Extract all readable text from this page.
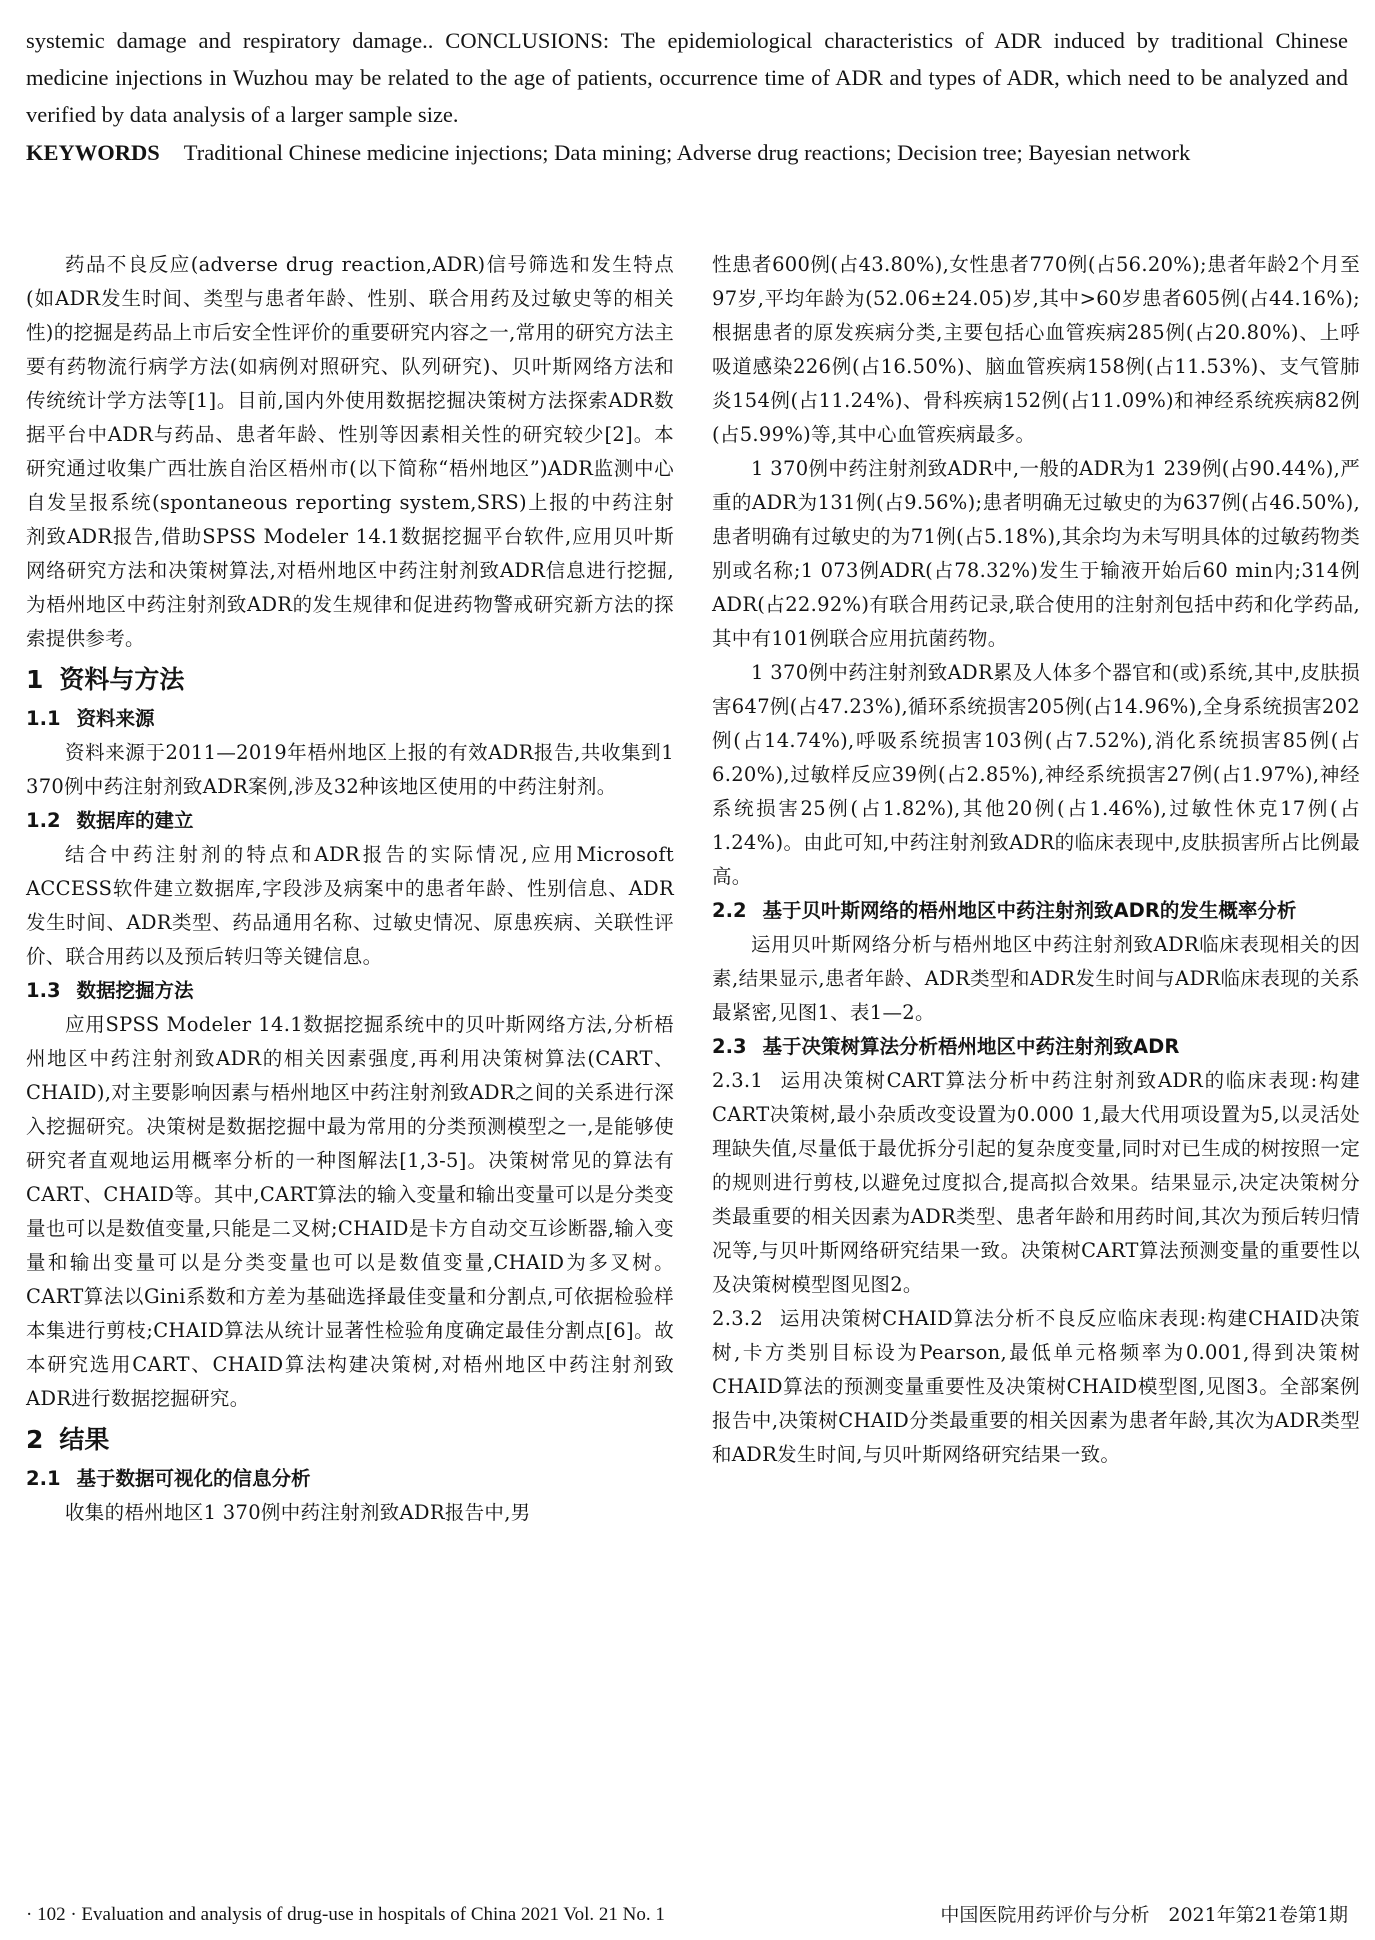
systemic damage and respiratory damage.. CONCLUSIONS: The epidemiological characteristics of ADR induced by traditional Chinese medicine injections in Wuzhou may be related to the age of patients, occurrence time of ADR and types of ADR, which need to be analyzed and verified by data analysis of a larger sample size.
KEYWORDS Traditional Chinese medicine injections; Data mining; Adverse drug reactions; Decision tree; Bayesian network

药品不良反应(adverse drug reaction,ADR)信号筛选和发生特点(如ADR发生时间、类型与患者年龄、性别、联合用药及过敏史等的相关性)的挖掘是药品上市后安全性评价的重要研究内容之一,常用的研究方法主要有药物流行病学方法(如病例对照研究、队列研究)、贝叶斯网络方法和传统统计学方法等[1]。目前,国内外使用数据挖掘决策树方法探索ADR数据平台中ADR与药品、患者年龄、性别等因素相关性的研究较少[2]。本研究通过收集广西壮族自治区梧州市(以下简称“梧州地区”)ADR监测中心自发呈报系统(spontaneous reporting system,SRS)上报的中药注射剂致ADR报告,借助SPSS Modeler 14.1数据挖掘平台软件,应用贝叶斯网络研究方法和决策树算法,对梧州地区中药注射剂致ADR信息进行挖掘,为梧州地区中药注射剂致ADR的发生规律和促进药物警戒研究新方法的探索提供参考。

1 资料与方法
1.1 资料来源

资料来源于2011—2019年梧州地区上报的有效ADR报告,共收集到1 370例中药注射剂致ADR案例,涉及32种该地区使用的中药注射剂。

1.2 数据库的建立

结合中药注射剂的特点和ADR报告的实际情况,应用Microsoft ACCESS软件建立数据库,字段涉及病案中的患者年龄、性别信息、ADR发生时间、ADR类型、药品通用名称、过敏史情况、原患疾病、关联性评价、联合用药以及预后转归等关键信息。

1.3 数据挖掘方法

应用SPSS Modeler 14.1数据挖掘系统中的贝叶斯网络方法,分析梧州地区中药注射剂致ADR的相关因素强度,再利用决策树算法(CART、CHAID),对主要影响因素与梧州地区中药注射剂致ADR之间的关系进行深入挖掘研究。决策树是数据挖掘中最为常用的分类预测模型之一,是能够使研究者直观地运用概率分析的一种图解法[1,3-5]。决策树常见的算法有CART、CHAID等。其中,CART算法的输入变量和输出变量可以是分类变量也可以是数值变量,只能是二叉树;CHAID是卡方自动交互诊断器,输入变量和输出变量可以是分类变量也可以是数值变量,CHAID为多叉树。CART算法以Gini系数和方差为基础选择最佳变量和分割点,可依据检验样本集进行剪枝;CHAID算法从统计显著性检验角度确定最佳分割点[6]。故本研究选用CART、CHAID算法构建决策树,对梧州地区中药注射剂致ADR进行数据挖掘研究。

2 结果
2.1 基于数据可视化的信息分析

收集的梧州地区1 370例中药注射剂致ADR报告中,男

性患者600例(占43.80%),女性患者770例(占56.20%);患者年龄2个月至97岁,平均年龄为(52.06±24.05)岁,其中>60岁患者605例(占44.16%);根据患者的原发疾病分类,主要包括心血管疾病285例(占20.80%)、上呼吸道感染226例(占16.50%)、脑血管疾病158例(占11.53%)、支气管肺炎154例(占11.24%)、骨科疾病152例(占11.09%)和神经系统疾病82例(占5.99%)等,其中心血管疾病最多。

1 370例中药注射剂致ADR中,一般的ADR为1 239例(占90.44%),严重的ADR为131例(占9.56%);患者明确无过敏史的为637例(占46.50%),患者明确有过敏史的为71例(占5.18%),其余均为未写明具体的过敏药物类别或名称;1 073例ADR(占78.32%)发生于输液开始后60 min内;314例ADR(占22.92%)有联合用药记录,联合使用的注射剂包括中药和化学药品,其中有101例联合应用抗菌药物。

1 370例中药注射剂致ADR累及人体多个器官和(或)系统,其中,皮肤损害647例(占47.23%),循环系统损害205例(占14.96%),全身系统损害202例(占14.74%),呼吸系统损害103例(占7.52%),消化系统损害85例(占6.20%),过敏样反应39例(占2.85%),神经系统损害27例(占1.97%),神经系统损害25例(占1.82%),其他20例(占1.46%),过敏性休克17例(占1.24%)。由此可知,中药注射剂致ADR的临床表现中,皮肤损害所占比例最高。

2.2 基于贝叶斯网络的梧州地区中药注射剂致ADR的发生概率分析

运用贝叶斯网络分析与梧州地区中药注射剂致ADR临床表现相关的因素,结果显示,患者年龄、ADR类型和ADR发生时间与ADR临床表现的关系最紧密,见图1、表1—2。

2.3 基于决策树算法分析梧州地区中药注射剂致ADR

2.3.1 运用决策树CART算法分析中药注射剂致ADR的临床表现:构建CART决策树,最小杂质改变设置为0.000 1,最大代用项设置为5,以灵活处理缺失值,尽量低于最优拆分引起的复杂度变量,同时对已生成的树按照一定的规则进行剪枝,以避免过度拟合,提高拟合效果。结果显示,决定决策树分类最重要的相关因素为ADR类型、患者年龄和用药时间,其次为预后转归情况等,与贝叶斯网络研究结果一致。决策树CART算法预测变量的重要性以及决策树模型图见图2。

2.3.2 运用决策树CHAID算法分析不良反应临床表现:构建CHAID决策树,卡方类别目标设为Pearson,最低单元格频率为0.001,得到决策树CHAID算法的预测变量重要性及决策树CHAID模型图,见图3。全部案例报告中,决策树CHAID分类最重要的相关因素为患者年龄,其次为ADR类型和ADR发生时间,与贝叶斯网络研究结果一致。

· 102 · Evaluation and analysis of drug-use in hospitals of China 2021 Vol. 21 No. 1	中国医院用药评价与分析　2021年第21卷第1期
